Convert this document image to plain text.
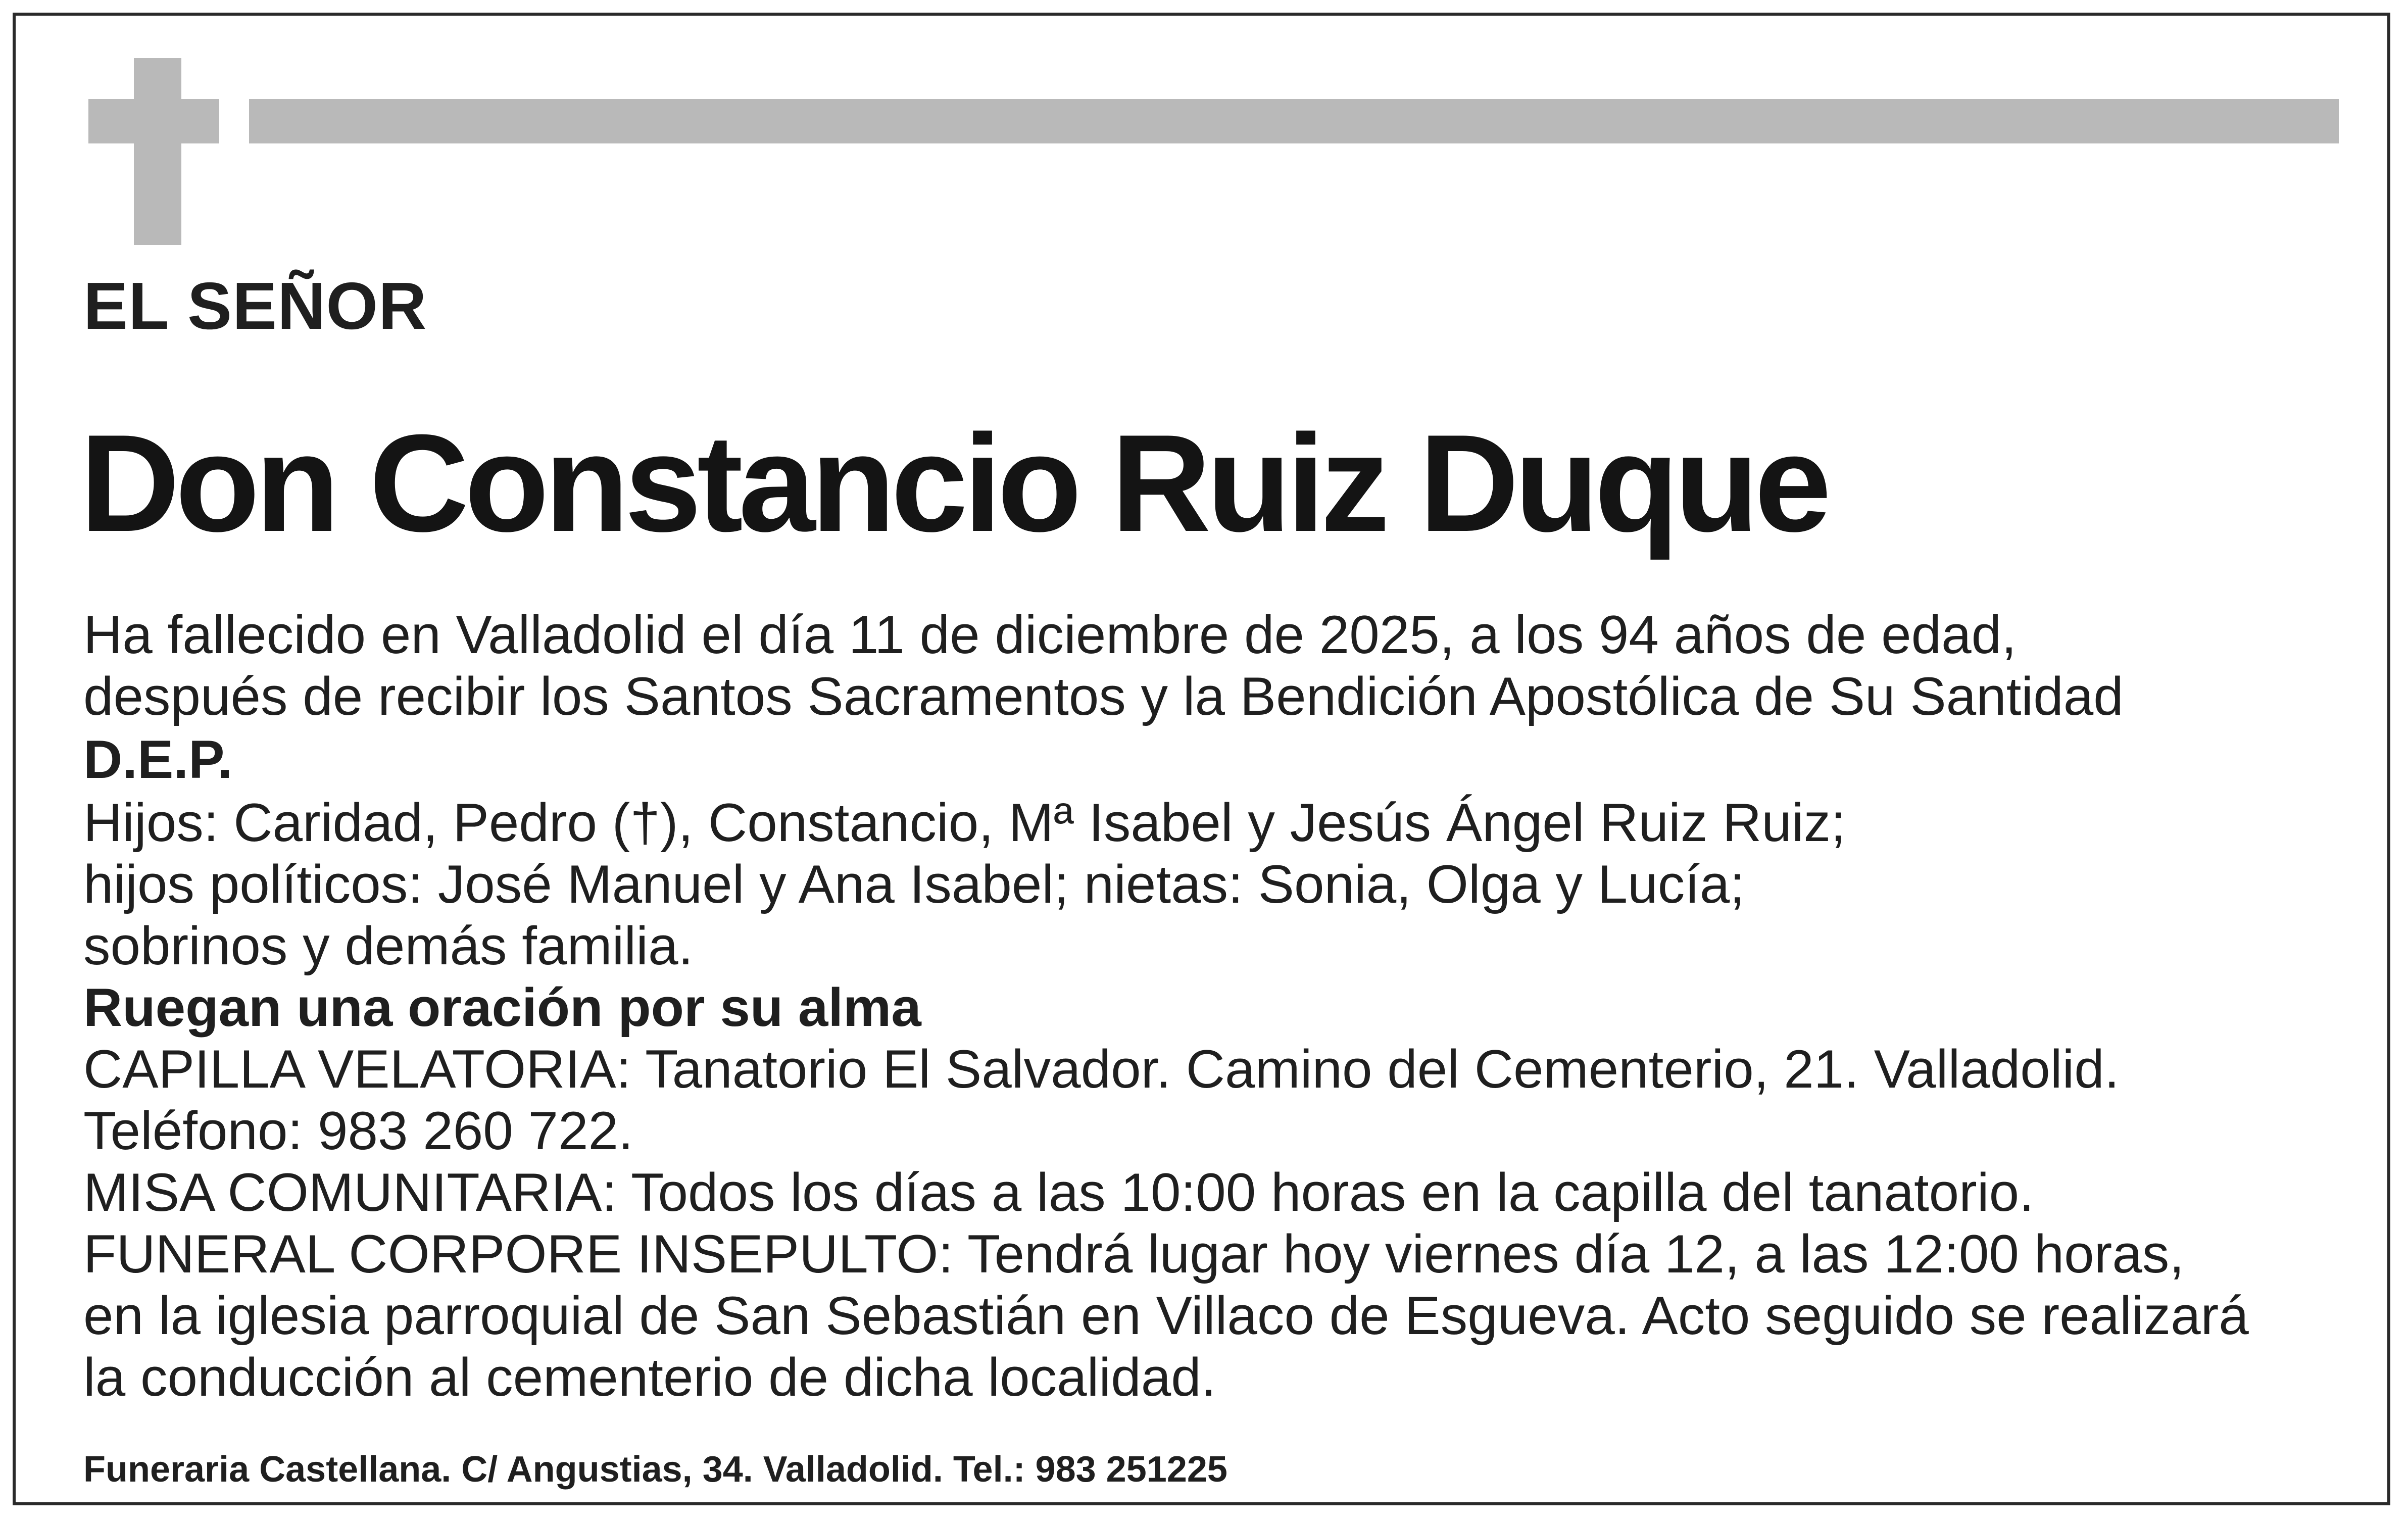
EL SEÑOR
Don Constancio Ruiz Duque
Ha fallecido en Valladolid el día 11 de diciembre de 2025, a los 94 años de edad,
después de recibir los Santos Sacramentos y la Bendición Apostólica de Su Santidad
D.E.P.
Hijos: Caridad, Pedro (†), Constancio, Mª Isabel y Jesús Ángel Ruiz Ruiz;
hijos políticos: José Manuel y Ana Isabel; nietas: Sonia, Olga y Lucía;
sobrinos y demás familia.
Ruegan una oración por su alma
CAPILLA VELATORIA: Tanatorio El Salvador. Camino del Cementerio, 21. Valladolid.
Teléfono: 983 260 722.
MISA COMUNITARIA: Todos los días a las 10:00 horas en la capilla del tanatorio.
FUNERAL CORPORE INSEPULTO: Tendrá lugar hoy viernes día 12, a las 12:00 horas,
en la iglesia parroquial de San Sebastián en Villaco de Esgueva. Acto seguido se realizará
la conducción al cementerio de dicha localidad.
Funeraria Castellana. C/ Angustias, 34. Valladolid. Tel.: 983 251225
